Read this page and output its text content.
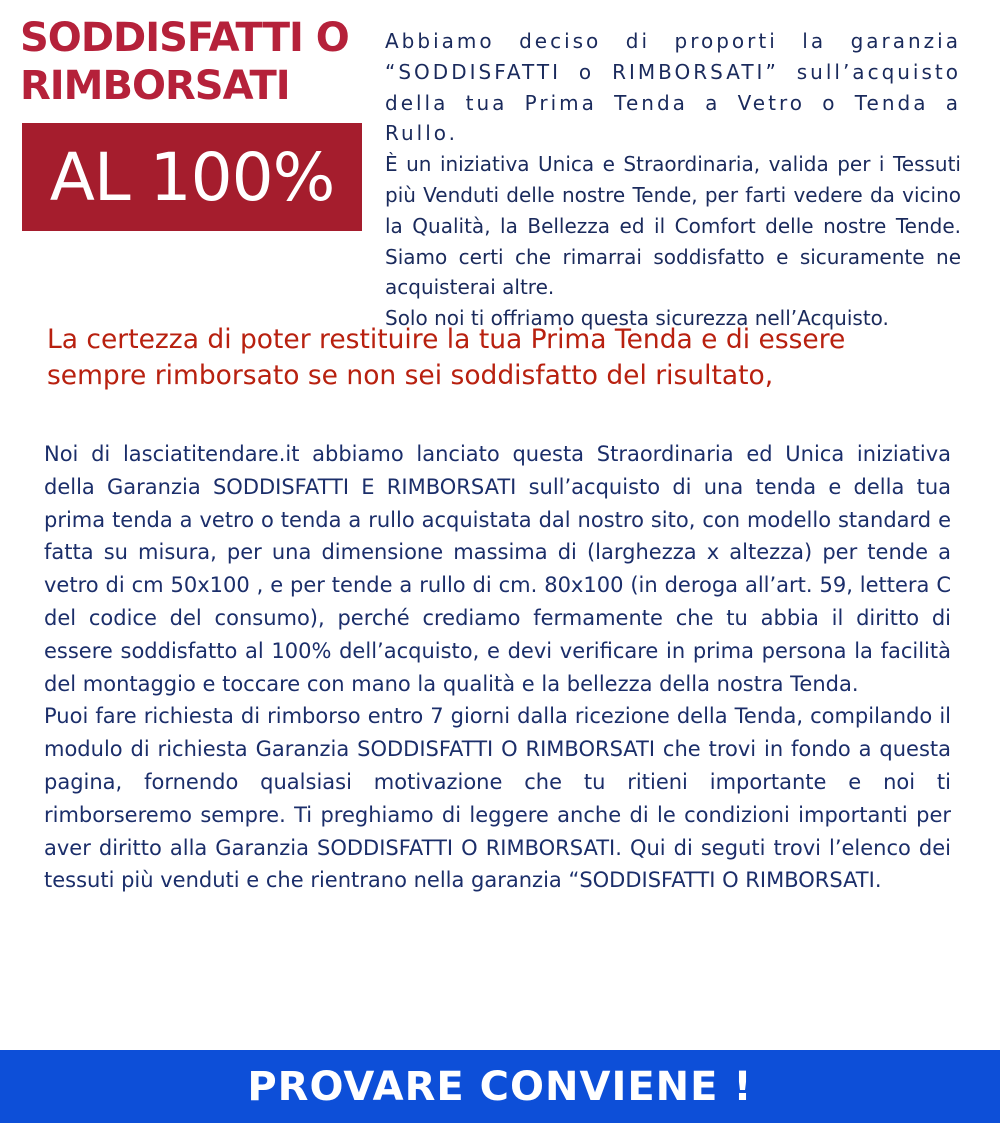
SODDISFATTI O
RIMBORSATI
AL 100%

Abbiamo deciso di proporti la garanzia “SODDISFATTI o RIMBORSATI” sull’acquisto della tua Prima Tenda a Vetro o Tenda a Rullo.

È un iniziativa Unica e Straordinaria, valida per i Tessuti più Venduti delle nostre Tende, per farti vedere da vicino la Qualità, la Bellezza ed il Comfort delle nostre Tende. Siamo certi che rimarrai soddisfatto e sicuramente ne acquisterai altre.

Solo noi ti offriamo questa sicurezza nell’Acquisto.

La certezza di poter restituire la tua Prima Tenda e di essere
sempre rimborsato se non sei soddisfatto del risultato,

Noi di lasciatitendare.it abbiamo lanciato questa Straordinaria ed Unica iniziativa della Garanzia SODDISFATTI E RIMBORSATI sull’acquisto di una tenda e della tua prima tenda a vetro o tenda a rullo acquistata dal nostro sito, con modello standard e fatta su misura, per una dimensione massima di (larghezza x altezza) per tende a vetro di cm 50x100 , e per tende a rullo di cm. 80x100 (in deroga all’art. 59, lettera C del codice del consumo), perché crediamo fermamente che tu abbia il diritto di essere soddisfatto al 100% dell’acquisto, e devi verificare in prima persona la facilità del montaggio e toccare con mano la qualità e la bellezza della nostra Tenda.

Puoi fare richiesta di rimborso entro 7 giorni dalla ricezione della Tenda, compilando il modulo di richiesta Garanzia SODDISFATTI O RIMBORSATI che trovi in fondo a questa pagina, fornendo qualsiasi motivazione che tu ritieni importante e noi ti rimborseremo sempre. Ti preghiamo di leggere anche di le condizioni importanti per aver diritto alla Garanzia SODDISFATTI O RIMBORSATI. Qui di seguti trovi l’elenco dei tessuti più venduti e che rientrano nella garanzia “SODDISFATTI O RIMBORSATI.

PROVARE CONVIENE !
